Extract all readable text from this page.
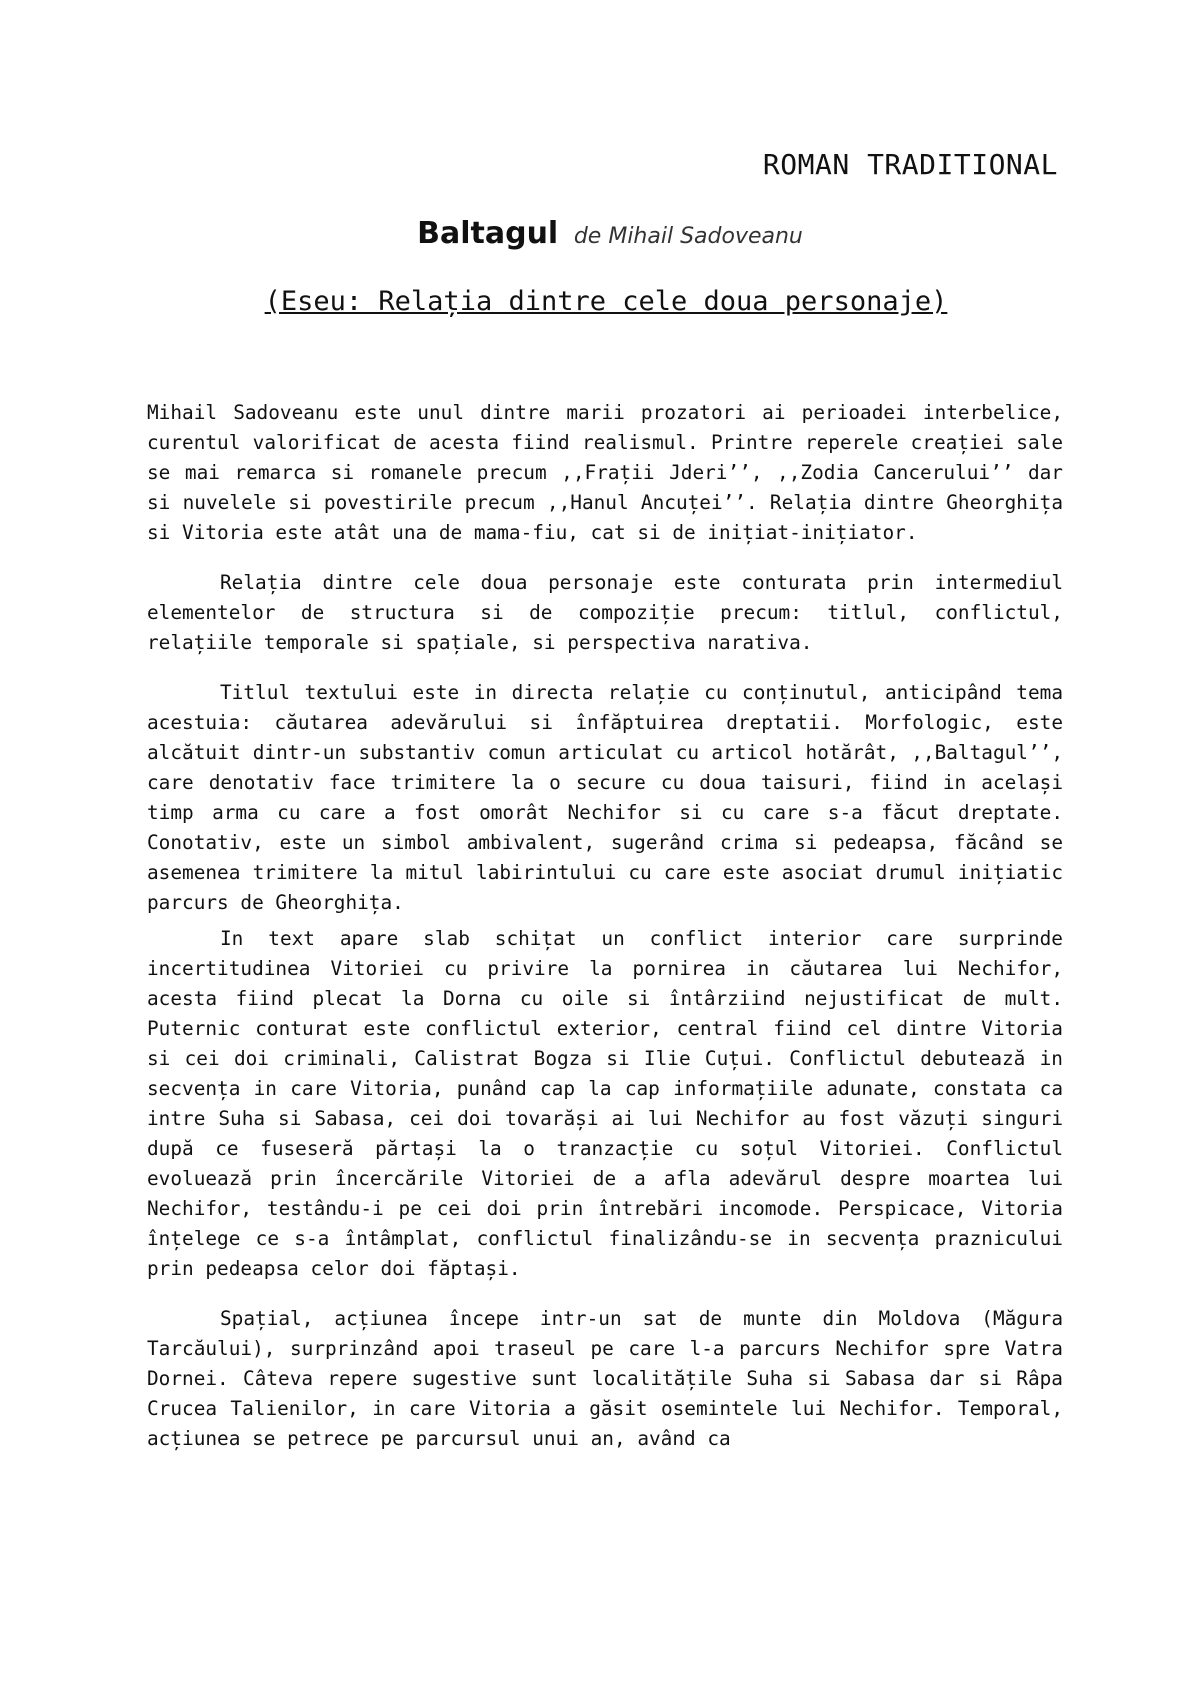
ROMAN TRADITIONAL
Baltagul de Mihail Sadoveanu
(Eseu: Relația dintre cele doua personaje)

Mihail Sadoveanu este unul dintre marii prozatori ai perioadei interbelice, curentul valorificat de acesta fiind realismul. Printre reperele creației sale se mai remarca si romanele precum ,,Frații Jderi’’, ,,Zodia Cancerului’’ dar si nuvelele si povestirile precum ,,Hanul Ancuței’’. Relația dintre Gheorghița si Vitoria este atât una de mama-fiu, cat si de inițiat-inițiator.

Relația dintre cele doua personaje este conturata prin intermediul elementelor de structura si de compoziție precum: titlul, conflictul, relațiile temporale si spațiale, si perspectiva narativa.

Titlul textului este in directa relație cu conținutul, anticipând tema acestuia: căutarea adevărului si înfăptuirea dreptatii. Morfologic, este alcătuit dintr-un substantiv comun articulat cu articol hotărât, ,,Baltagul’’, care denotativ face trimitere la o secure cu doua taisuri, fiind in același timp arma cu care a fost omorât Nechifor si cu care s-a făcut dreptate. Conotativ, este un simbol ambivalent, sugerând crima si pedeapsa, făcând se asemenea trimitere la mitul labirintului cu care este asociat drumul inițiatic parcurs de Gheorghița.

In text apare slab schițat un conflict interior care surprinde incertitudinea Vitoriei cu privire la pornirea in căutarea lui Nechifor, acesta fiind plecat la Dorna cu oile si întârziind nejustificat de mult. Puternic conturat este conflictul exterior, central fiind cel dintre Vitoria si cei doi criminali, Calistrat Bogza si Ilie Cuțui. Conflictul debutează in secvența in care Vitoria, punând cap la cap informațiile adunate, constata ca intre Suha si Sabasa, cei doi tovarăși ai lui Nechifor au fost văzuți singuri după ce fuseseră părtași la o tranzacție cu soțul Vitoriei. Conflictul evoluează prin încercările Vitoriei de a afla adevărul despre moartea lui Nechifor, testându-i pe cei doi prin întrebări incomode. Perspicace, Vitoria înțelege ce s-a întâmplat, conflictul finalizându-se in secvența praznicului prin pedeapsa celor doi făptași.

Spațial, acțiunea începe intr-un sat de munte din Moldova (Măgura Tarcăului), surprinzând apoi traseul pe care l-a parcurs Nechifor spre Vatra Dornei. Câteva repere sugestive sunt localitățile Suha si Sabasa dar si Râpa Crucea Talienilor, in care Vitoria a găsit osemintele lui Nechifor. Temporal, acțiunea se petrece pe parcursul unui an, având ca
